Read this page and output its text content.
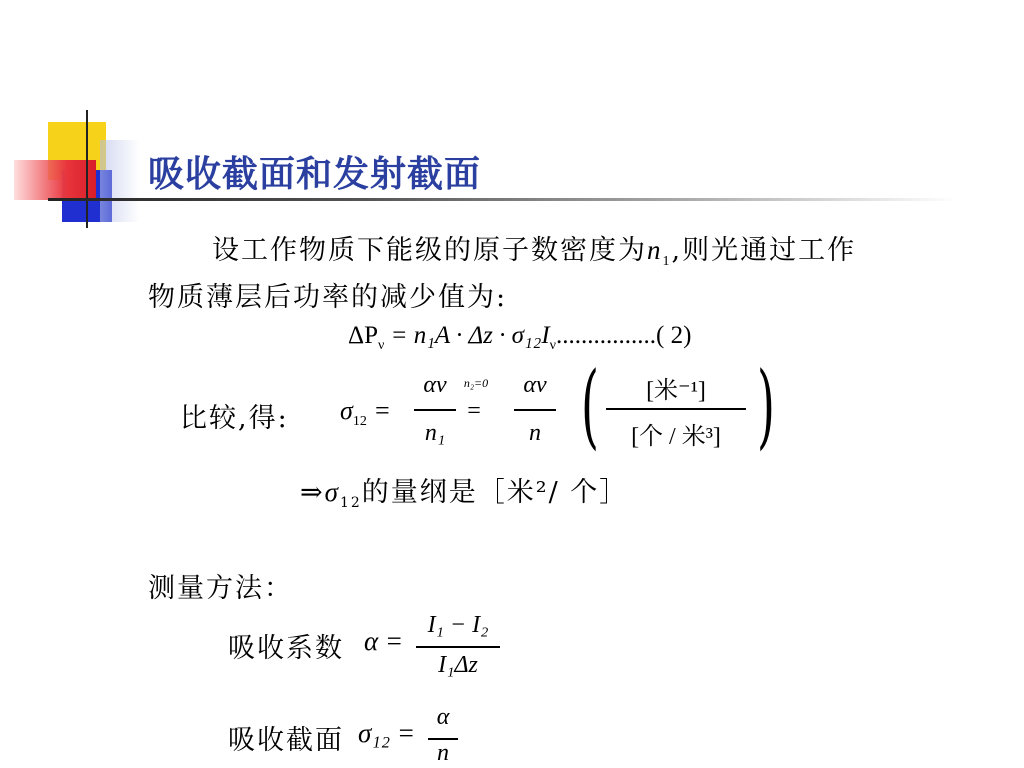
吸收截面和发射截面
设工作物质下能级的原子数密度为$n_1$,则光通过工作
物质薄层后功率的减少值为:
$\Delta P_\nu = n_1A \cdot \Delta z \cdot \sigma_{12}I_\nu$................( 2)
比较,得: $\sigma_{12}$ =
αν
n₁
n₂=0
=
αν
n (	[米⁻¹]
[个 / 米³] )
$\Rightarrow\sigma_{12}$的量纲是［米²/ 个］
测量方法：
吸收系数 α =
I₁ − I₂
I₁Δz
吸收截面 σ₁₂ =
α
n
